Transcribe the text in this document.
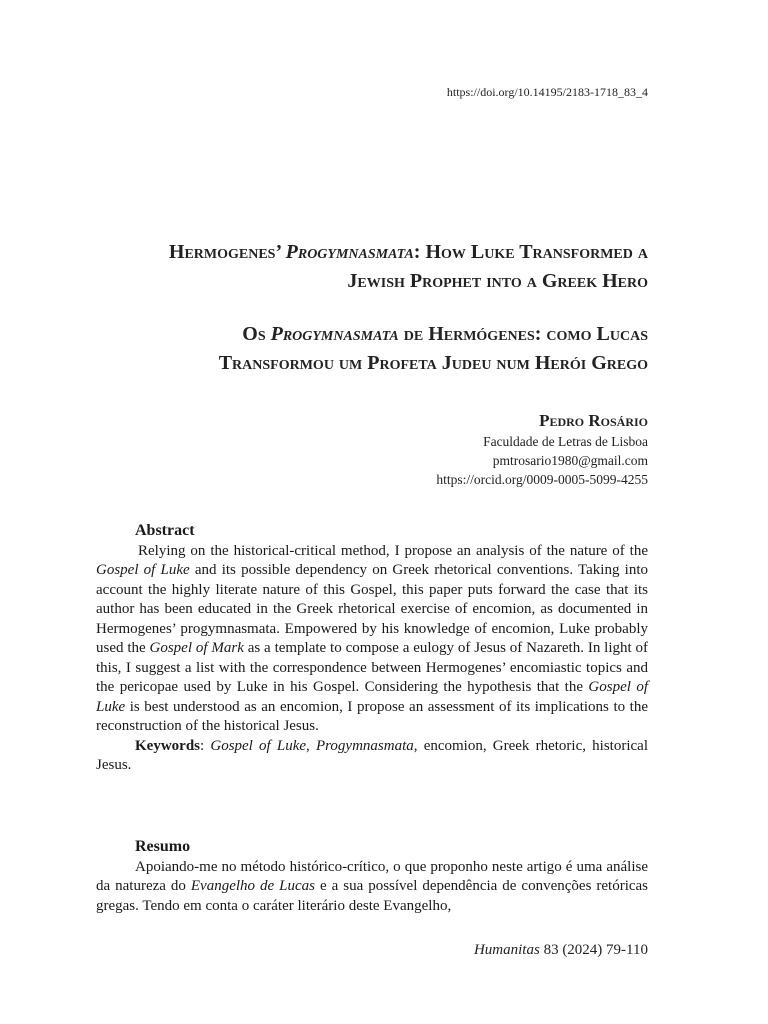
https://doi.org/10.14195/2183-1718_83_4
Hermogenes’ Progymnasmata: How Luke Transformed a
Jewish Prophet into a Greek Hero
Os Progymnasmata de Hermógenes: como Lucas
Transformou um Profeta Judeu num Herói Grego
Pedro Rosário
Faculdade de Letras de Lisboa
pmtrosario1980@gmail.com
https://orcid.org/0009-0005-5099-4255
Abstract

Relying on the historical-critical method, I propose an analysis of the nature of the Gospel of Luke and its possible dependency on Greek rhetorical conventions. Taking into account the highly literate nature of this Gospel, this paper puts forward the case that its author has been educated in the Greek rhetorical exercise of encomion, as documented in Hermogenes’ progymnasmata. Empowered by his knowledge of encomion, Luke probably used the Gospel of Mark as a template to compose a eulogy of Jesus of Nazareth. In light of this, I suggest a list with the correspondence between Hermogenes’ encomiastic topics and the pericopae used by Luke in his Gospel. Considering the hypothesis that the Gospel of Luke is best understood as an encomion, I propose an assessment of its implications to the reconstruction of the historical Jesus.

Keywords: Gospel of Luke, Progymnasmata, encomion, Greek rhetoric, historical Jesus.

Resumo

Apoiando-me no método histórico-crítico, o que proponho neste artigo é uma análise da natureza do Evangelho de Lucas e a sua possível dependência de convenções retóricas gregas. Tendo em conta o caráter literário deste Evangelho,

Humanitas 83 (2024) 79-110
